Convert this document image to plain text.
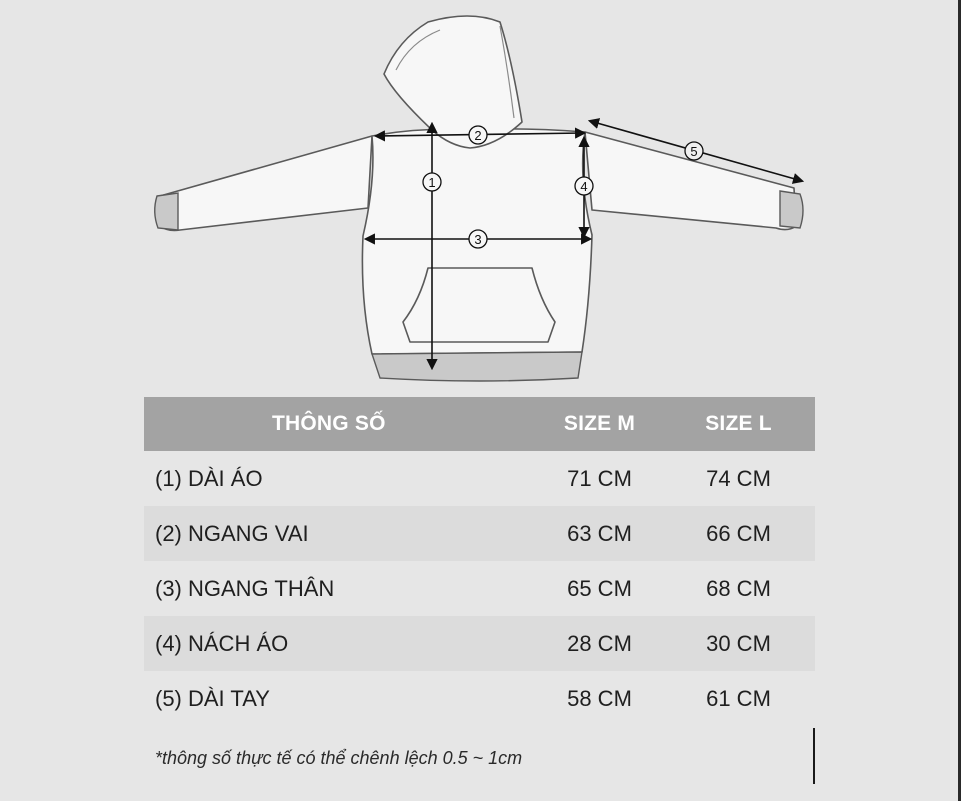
1
2
3
4
5
THÔNG SỐ	SIZE M	SIZE L
(1) DÀI ÁO	71 CM	74 CM
(2) NGANG VAI	63 CM	66 CM
(3) NGANG THÂN	65 CM	68 CM
(4) NÁCH ÁO	28 CM	30 CM
(5) DÀI TAY	58 CM	61 CM
*thông số thực tế có thể chênh lệch 0.5 ~ 1cm
